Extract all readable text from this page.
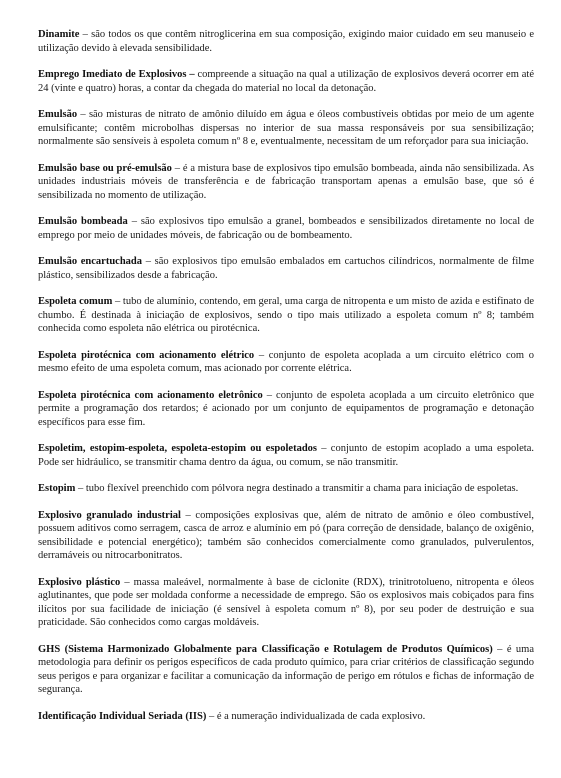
Dinamite – são todos os que contêm nitroglicerina em sua composição, exigindo maior cuidado em seu manuseio e utilização devido à elevada sensibilidade.

Emprego Imediato de Explosivos – compreende a situação na qual a utilização de explosivos deverá ocorrer em até 24 (vinte e quatro) horas, a contar da chegada do material no local da detonação.

Emulsão – são misturas de nitrato de amônio diluído em água e óleos combustíveis obtidas por meio de um agente emulsificante; contêm microbolhas dispersas no interior de sua massa responsáveis por sua sensibilização; normalmente são sensíveis à espoleta comum nº 8 e, eventualmente, necessitam de um reforçador para sua iniciação.

Emulsão base ou pré-emulsão – é a mistura base de explosivos tipo emulsão bombeada, ainda não sensibilizada. As unidades industriais móveis de transferência e de fabricação transportam apenas a emulsão base, que só é sensibilizada no momento de utilização.

Emulsão bombeada – são explosivos tipo emulsão a granel, bombeados e sensibilizados diretamente no local de emprego por meio de unidades móveis, de fabricação ou de bombeamento.

Emulsão encartuchada – são explosivos tipo emulsão embalados em cartuchos cilíndricos, normalmente de filme plástico, sensibilizados desde a fabricação.

Espoleta comum – tubo de alumínio, contendo, em geral, uma carga de nitropenta e um misto de azida e estifinato de chumbo. É destinada à iniciação de explosivos, sendo o tipo mais utilizado a espoleta comum nº 8; também conhecida como espoleta não elétrica ou pirotécnica.

Espoleta pirotécnica com acionamento elétrico – conjunto de espoleta acoplada a um circuito elétrico com o mesmo efeito de uma espoleta comum, mas acionado por corrente elétrica.

Espoleta pirotécnica com acionamento eletrônico – conjunto de espoleta acoplada a um circuito eletrônico que permite a programação dos retardos; é acionado por um conjunto de equipamentos de programação e detonação específicos para esse fim.

Espoletim, estopim-espoleta, espoleta-estopim ou espoletados – conjunto de estopim acoplado a uma espoleta. Pode ser hidráulico, se transmitir chama dentro da água, ou comum, se não transmitir.

Estopim – tubo flexível preenchido com pólvora negra destinado a transmitir a chama para iniciação de espoletas.

Explosivo granulado industrial – composições explosivas que, além de nitrato de amônio e óleo combustível, possuem aditivos como serragem, casca de arroz e alumínio em pó (para correção de densidade, balanço de oxigênio, sensibilidade e potencial energético); também são conhecidos comercialmente como granulados, pulverulentos, derramáveis ou nitrocarbonitratos.

Explosivo plástico – massa maleável, normalmente à base de ciclonite (RDX), trinitrotolueno, nitropenta e óleos aglutinantes, que pode ser moldada conforme a necessidade de emprego. São os explosivos mais cobiçados para fins ilícitos por sua facilidade de iniciação (é sensível à espoleta comum nº 8), por seu poder de destruição e sua praticidade. São conhecidos como cargas moldáveis.

GHS (Sistema Harmonizado Globalmente para Classificação e Rotulagem de Produtos Químicos) – é uma metodologia para definir os perigos específicos de cada produto químico, para criar critérios de classificação segundo seus perigos e para organizar e facilitar a comunicação da informação de perigo em rótulos e fichas de informação de segurança.

Identificação Individual Seriada (IIS) – é a numeração individualizada de cada explosivo.
